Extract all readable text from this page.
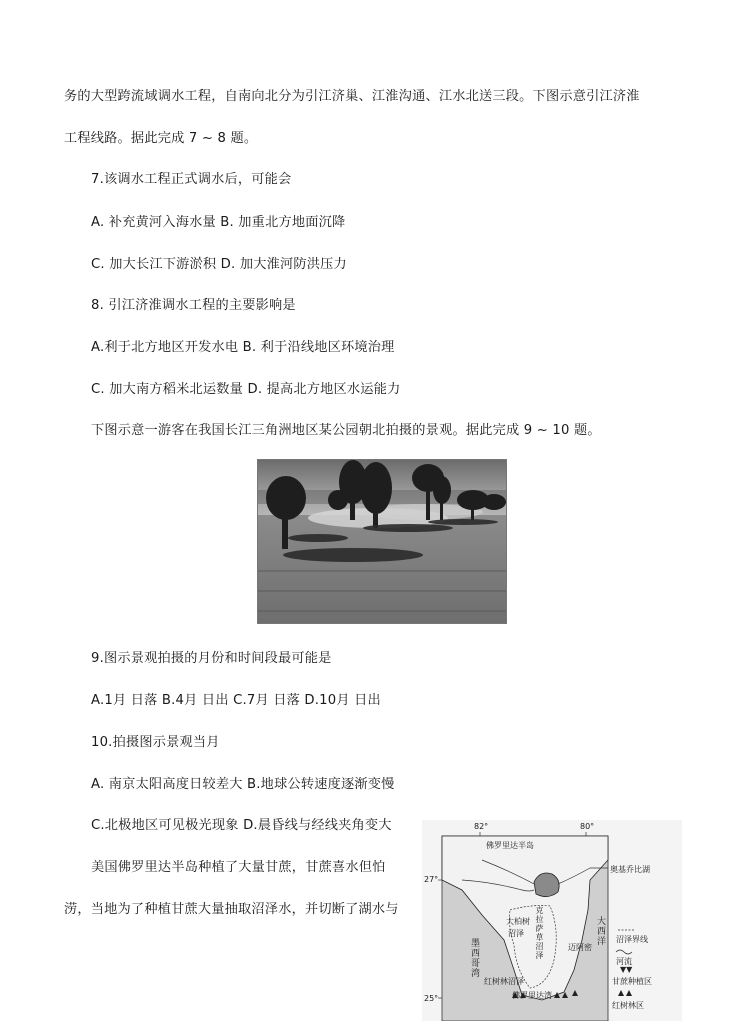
务的大型跨流域调水工程，自南向北分为引江济巢、江淮沟通、江水北送三段。下图示意引江济淮
工程线路。据此完成 7 ~ 8 题。
7.该调水工程正式调水后，可能会
A. 补充黄河入海水量 B. 加重北方地面沉降
C. 加大长江下游淤积 D. 加大淮河防洪压力
8. 引江济淮调水工程的主要影响是
A.利于北方地区开发水电 B. 利于沿线地区环境治理
C. 加大南方稻米北运数量 D. 提高北方地区水运能力
下图示意一游客在我国长江三角洲地区某公园朝北拍摄的景观。据此完成 9 ~ 10 题。
9.图示景观拍摄的月份和时间段最可能是
A.1月 日落 B.4月 日出 C.7月 日落 D.10月 日出
10.拍摄图示景观当月
A. 南京太阳高度日较差大 B.地球公转速度逐渐变慢
C.北极地区可见极光现象 D.晨昏线与经线夹角变大
美国佛罗里达半岛种植了大量甘蔗，甘蔗喜水但怕
涝，当地为了种植甘蔗大量抽取沼泽水，并切断了湖水与
▼▼
82°	80°
27°
25°
佛罗里达半岛
奥基乔比湖
大柏树
沼泽 克拉萨草沼泽
墨西哥湾
大西洋
迈阿密
红树林沼泽
佛罗里达湾
沼泽界线
河流
甘蔗种植区
红树林区
